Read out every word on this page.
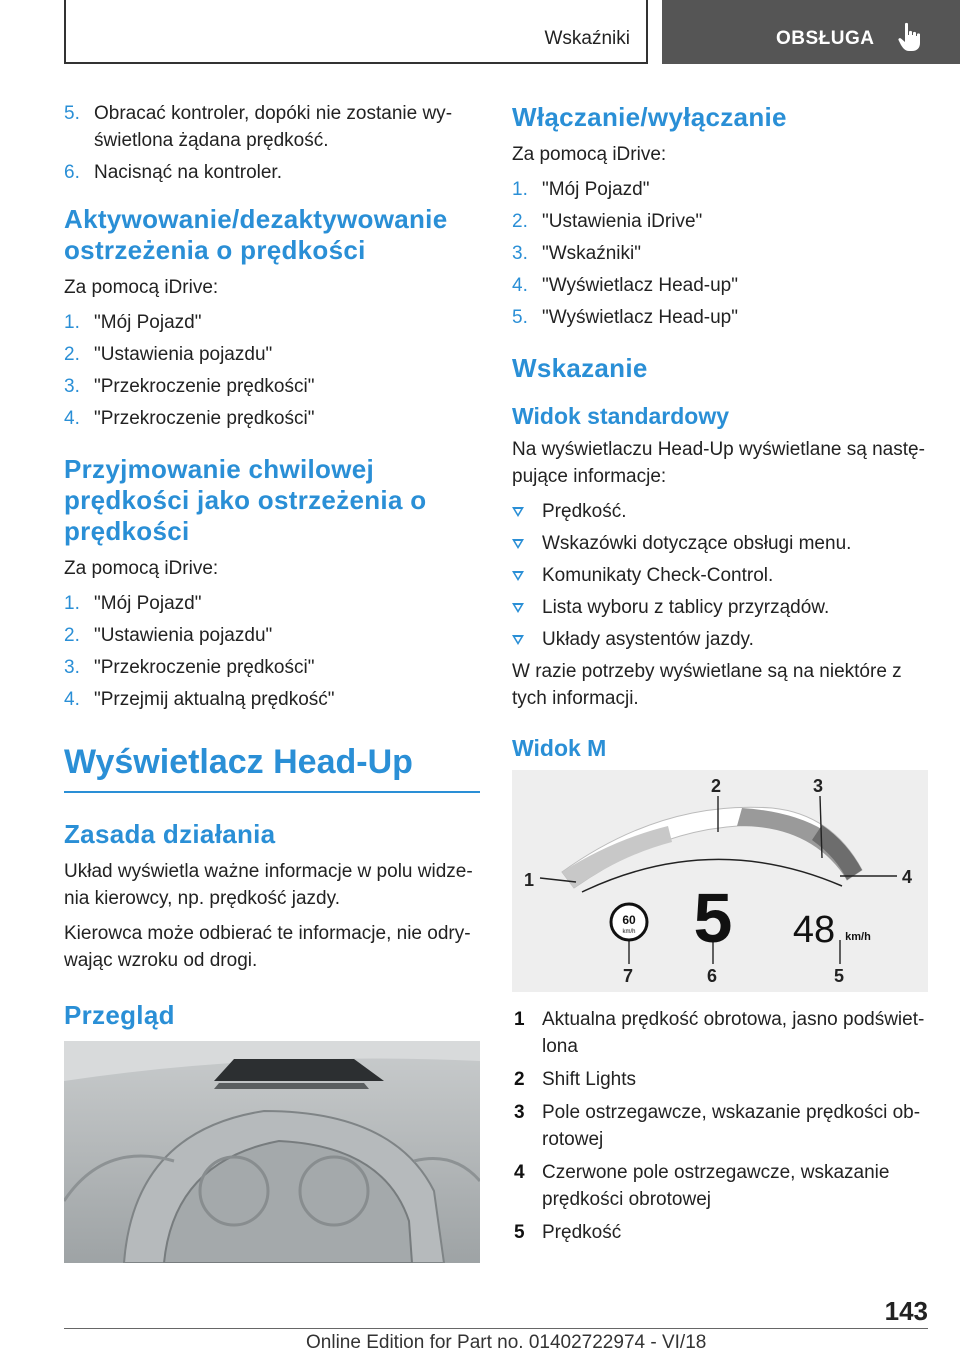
Wskaźniki	OBSŁUGA
5. Obracać kontroler, dopóki nie zostanie wyświetlona żądana prędkość.
6. Nacisnąć na kontroler.
Aktywowanie/dezaktywowanie ostrzeżenia o prędkości

Za pomocą iDrive:

1. "Mój Pojazd"
2. "Ustawienia pojazdu"
3. "Przekroczenie prędkości"
4. "Przekroczenie prędkości"
Przyjmowanie chwilowej prędkości jako ostrzeżenia o prędkości

Za pomocą iDrive:

1. "Mój Pojazd"
2. "Ustawienia pojazdu"
3. "Przekroczenie prędkości"
4. "Przejmij aktualną prędkość"
Wyświetlacz Head-Up
Zasada działania

Układ wyświetla ważne informacje w polu widzenia kierowcy, np. prędkość jazdy.

Kierowca może odbierać te informacje, nie odrywając wzroku od drogi.

Przegląd
Włączanie/wyłączanie

Za pomocą iDrive:

1. "Mój Pojazd"
2. "Ustawienia iDrive"
3. "Wskaźniki"
4. "Wyświetlacz Head-up"
5. "Wyświetlacz Head-up"
Wskazanie
Widok standardowy

Na wyświetlaczu Head-Up wyświetlane są następujące informacje:

Prędkość.
Wskazówki dotyczące obsługi menu.
Komunikaty Check-Control.
Lista wyboru z tablicy przyrządów.
Układy asystentów jazdy.

W razie potrzeby wyświetlane są na niektóre z tych informacji.

Widok M
60
km/h 5 48 km/h
1
2	3
4
5
6
7
1 Aktualna prędkość obrotowa, jasno podświetlona
2 Shift Lights
3 Pole ostrzegawcze, wskazanie prędkości obrotowej
4 Czerwone pole ostrzegawcze, wskazanie prędkości obrotowej
5 Prędkość
143
Online Edition for Part no. 01402722974 - VI/18
